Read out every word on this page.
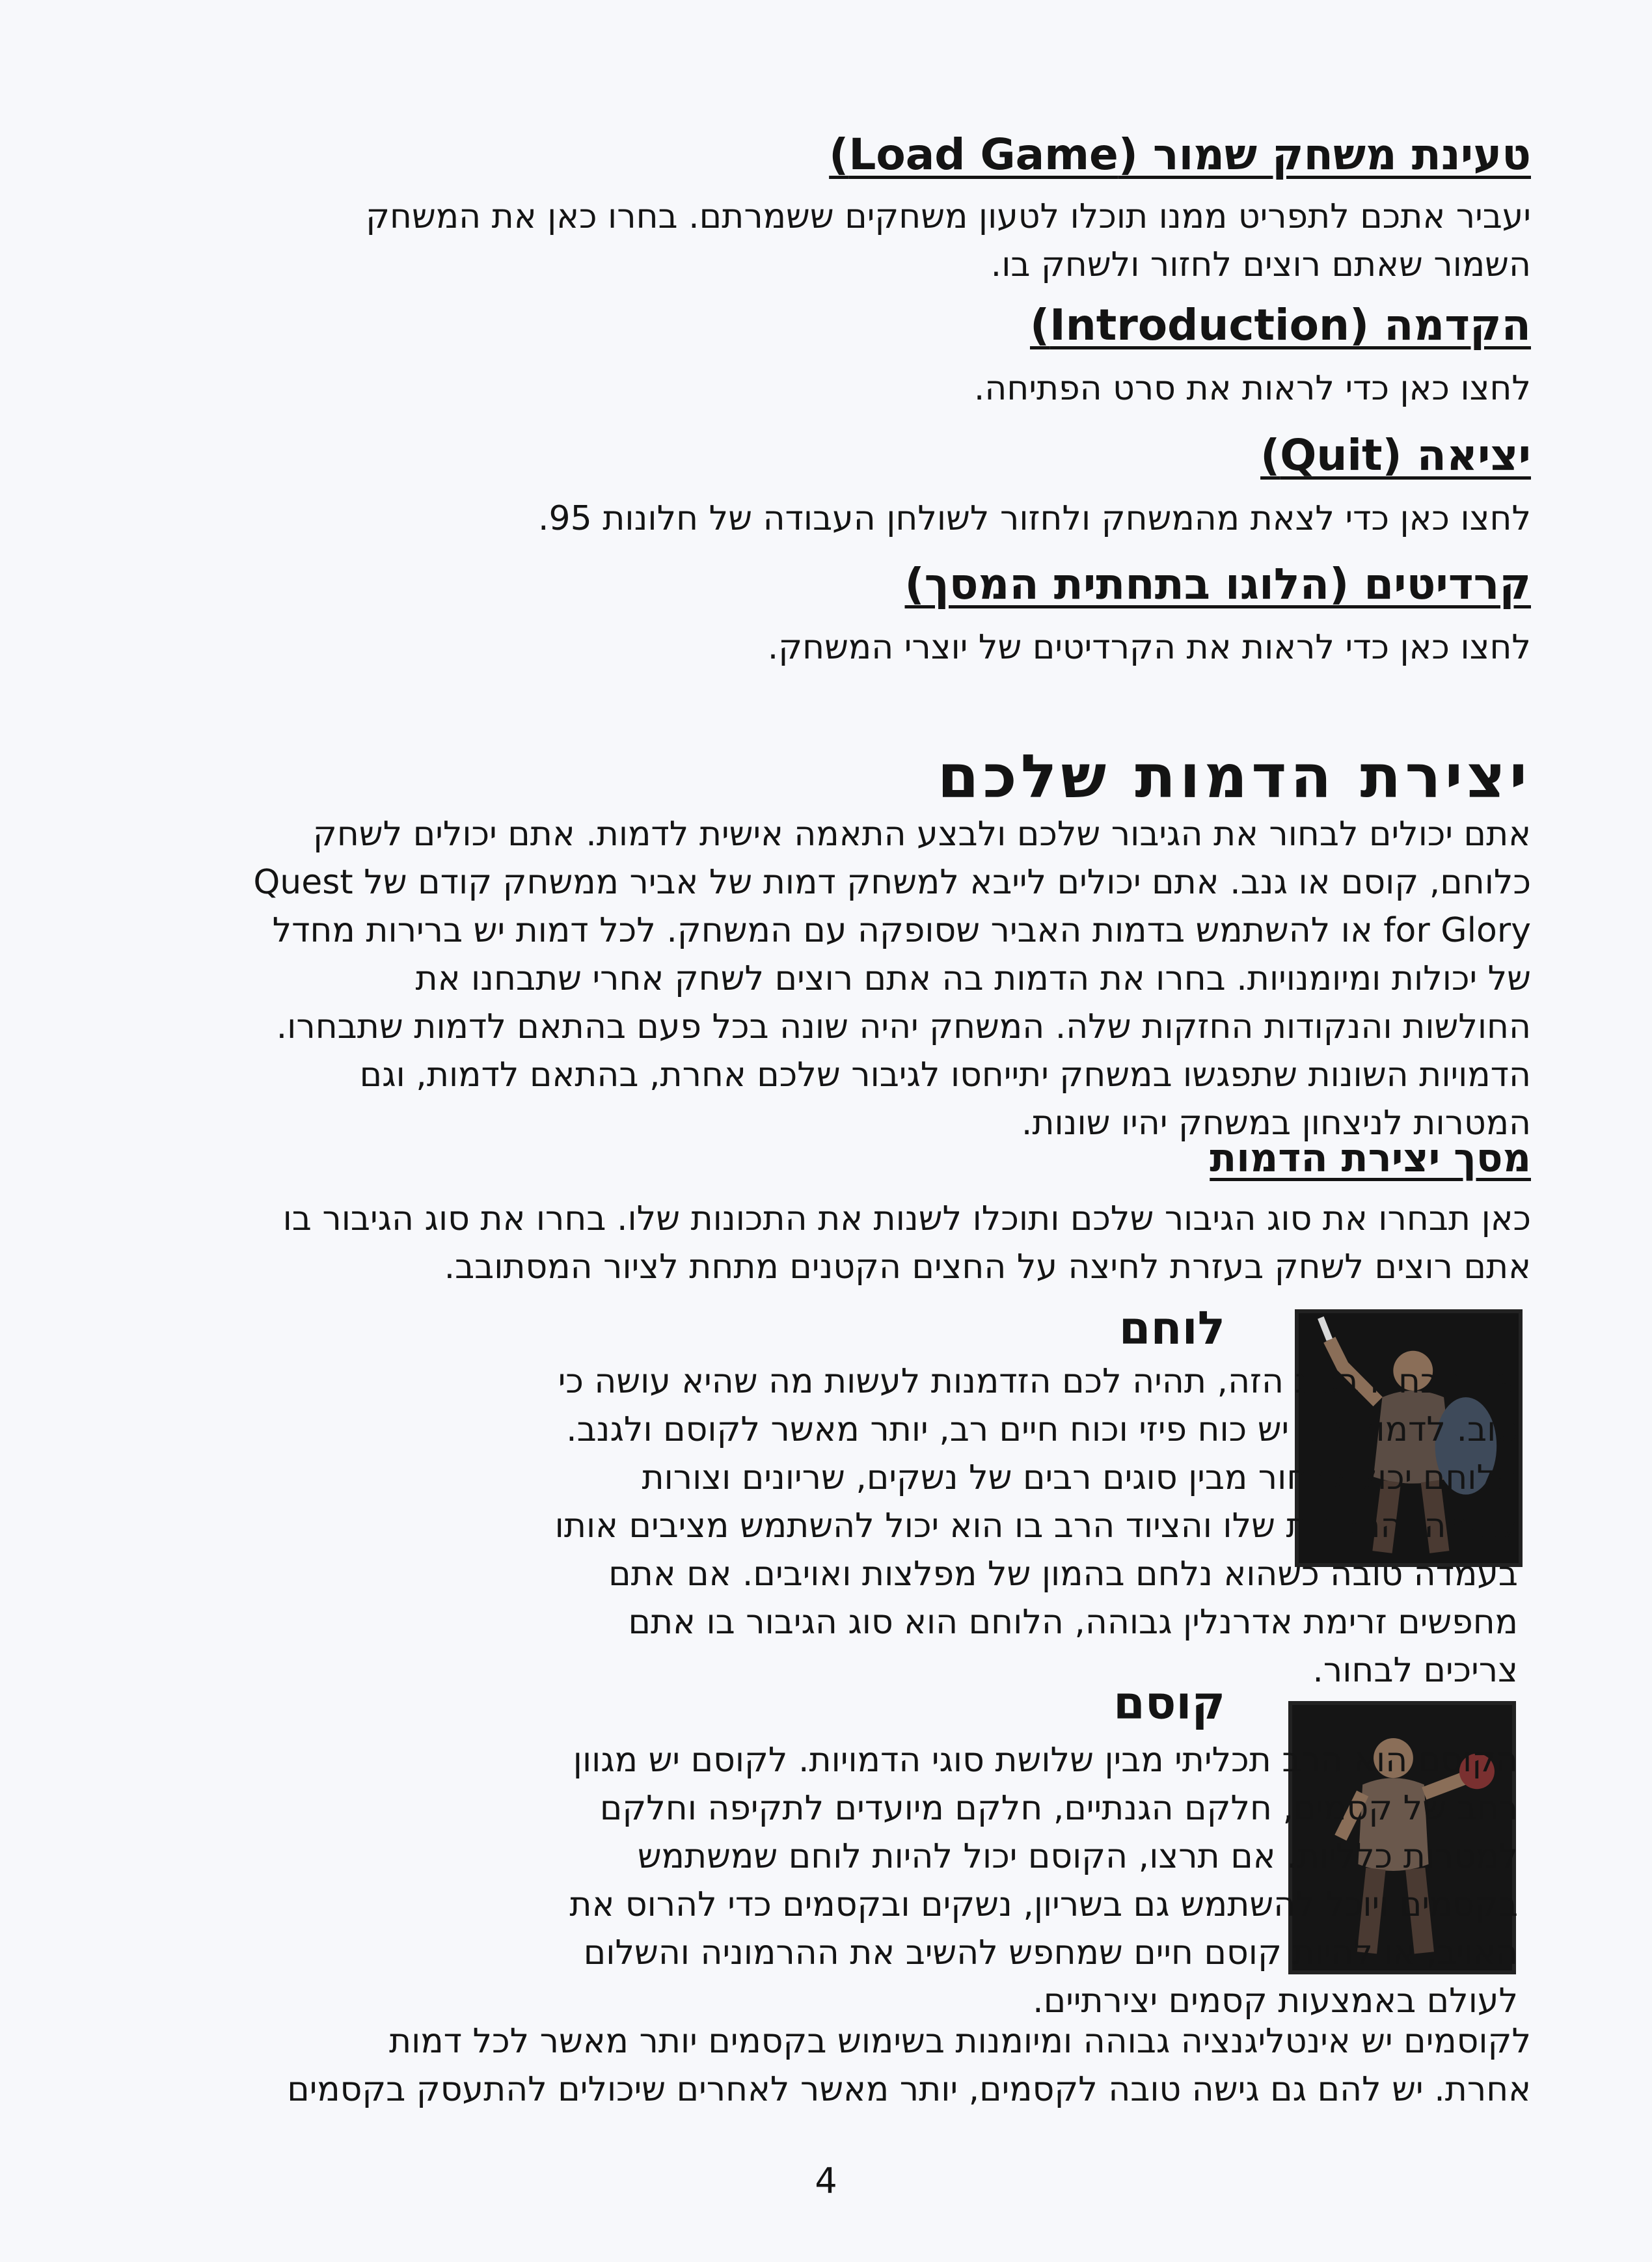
טעינת משחק שמור (Load Game)
יעביר אתכם לתפריט ממנו תוכלו לטעון משחקים ששמרתם. בחרו כאן את המשחק
השמור שאתם רוצים לחזור ולשחק בו.
הקדמה (Introduction)
לחצו כאן כדי לראות את סרט הפתיחה.
יציאה (Quit)
לחצו כאן כדי לצאת מהמשחק ולחזור לשולחן העבודה של חלונות 95.
קרדיטים (הלוגו בתחתית המסך)
לחצו כאן כדי לראות את הקרדיטים של יוצרי המשחק.
יצירת הדמות שלכם
אתם יכולים לבחור את הגיבור שלכם ולבצע התאמה אישית לדמות. אתם יכולים לשחק
כלוחם, קוסם או גנב. אתם יכולים לייבא למשחק דמות של אביר ממשחק קודם של Quest
for Glory או להשתמש בדמות האביר שסופקה עם המשחק. לכל דמות יש ברירות מחדל
של יכולות ומיומנויות. בחרו את הדמות בה אתם רוצים לשחק אחרי שתבחנו את
החולשות והנקודות החזקות שלה. המשחק יהיה שונה בכל פעם בהתאם לדמות שתבחרו.
הדמויות השונות שתפגשו במשחק יתייחסו לגיבור שלכם אחרת, בהתאם לדמות, וגם
המטרות לניצחון במשחק יהיו שונות.
מסך יצירת הדמות
כאן תבחרו את סוג הגיבור שלכם ותוכלו לשנות את התכונות שלו. בחרו את סוג הגיבור בו
אתם רוצים לשחק בעזרת לחיצה על החצים הקטנים מתחת לציור המסתובב.
לוחם
אם תבחרו בסוג הזה, תהיה לכם הזדמנות לעשות מה שהיא עושה כי
טוב. לדמות הזו יש כוח פיזי וכוח חיים רב, יותר מאשר לקוסם ולגנב.
הלוחם יכול לבחור מבין סוגים רבים של נשקים, שריונים וצורות
לחימה. התכונות שלו והציוד הרב בו הוא יכול להשתמש מציבים אותו
בעמדה טובה כשהוא נלחם בהמון של מפלצות ואויבים. אם אתם
מחפשים זרימת אדרנלין גבוהה, הלוחם הוא סוג הגיבור בו אתם
צריכים לבחור.
קוסם
הקוסם הוא הרב תכליתי מבין שלושת סוגי הדמויות. לקוסם יש מגוון
רחב של קסמים, חלקם הגנתיים, חלקם מיועדים לתקיפה וחלקם
למטרות כלליות. אם תרצו, הקוסם יכול להיות לוחם שמשתמש
בקסמים ויוכל להשתמש גם בשריון, נשקים ובקסמים כדי להרוס את
האויב, או להיות קוסם חיים שמחפש להשיב את ההרמוניה והשלום
לעולם באמצעות קסמים יצירתיים.
לקוסמים יש אינטליגנציה גבוהה ומיומנות בשימוש בקסמים יותר מאשר לכל דמות
אחרת. יש להם גם גישה טובה לקסמים, יותר מאשר לאחרים שיכולים להתעסק בקסמים
4
